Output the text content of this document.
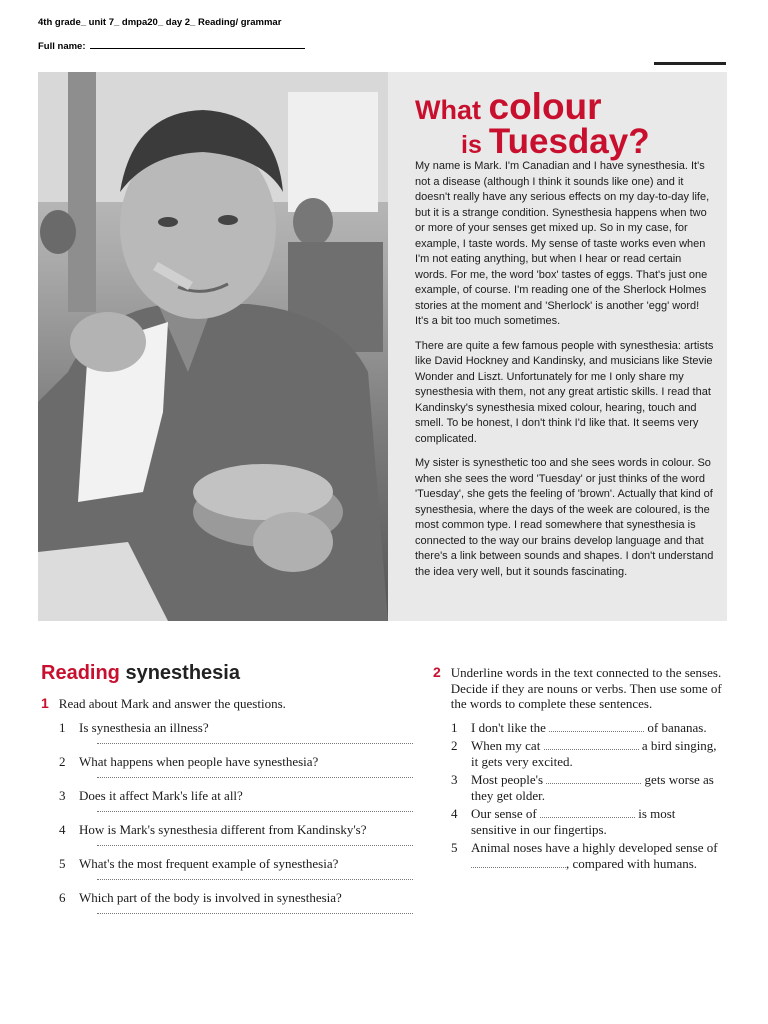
4th grade_ unit 7_ dmpa20_ day 2_ Reading/ grammar
Full name:
What colour
is Tuesday?

My name is Mark. I'm Canadian and I have synesthesia. It's not a disease (although I think it sounds like one) and it doesn't really have any serious effects on my day-to-day life, but it is a strange condition. Synesthesia happens when two or more of your senses get mixed up. So in my case, for example, I taste words. My sense of taste works even when I'm not eating anything, but when I hear or read certain words. For me, the word 'box' tastes of eggs. That's just one example, of course. I'm reading one of the Sherlock Holmes stories at the moment and 'Sherlock' is another 'egg' word! It's a bit too much sometimes.

There are quite a few famous people with synesthesia: artists like David Hockney and Kandinsky, and musicians like Stevie Wonder and Liszt. Unfortunately for me I only share my synesthesia with them, not any great artistic skills. I read that Kandinsky's synesthesia mixed colour, hearing, touch and smell. To be honest, I don't think I'd like that. It seems very complicated.

My sister is synesthetic too and she sees words in colour. So when she sees the word 'Tuesday' or just thinks of the word 'Tuesday', she gets the feeling of 'brown'. Actually that kind of synesthesia, where the days of the week are coloured, is the most common type. I read somewhere that synesthesia is connected to the way our brains develop language and that there's a link between sounds and shapes. I don't understand the idea very well, but it sounds fascinating.

Reading synesthesia
1 Read about Mark and answer the questions.
1	Is synesthesia an illness?
2	What happens when people have synesthesia?
3	Does it affect Mark's life at all?
4	How is Mark's synesthesia different from Kandinsky's?
5	What's the most frequent example of synesthesia?
6	Which part of the body is involved in synesthesia?
2 Underline words in the text connected to the senses. Decide if they are nouns or verbs. Then use some of the words to complete these sentences.
1	I don't like the	of bananas.
2	When my cat	a bird singing, it gets very excited.
3	Most people's	gets worse as they get older.
4	Our sense of	is most sensitive in our fingertips.
5	Animal noses have a highly developed sense of , compared with humans.
